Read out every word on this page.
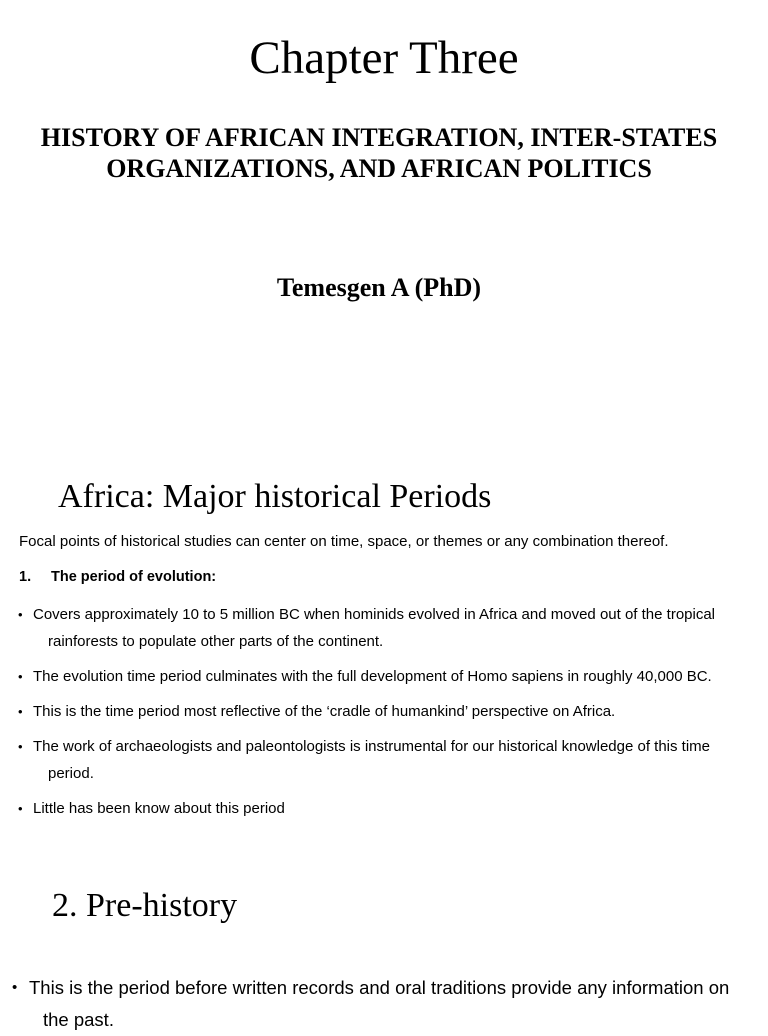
Chapter Three
HISTORY OF AFRICAN INTEGRATION, INTER-STATES ORGANIZATIONS, AND AFRICAN POLITICS
Temesgen A (PhD)
Africa: Major historical Periods
Focal points of historical studies can center on time, space, or themes or any combination thereof.
1. The period of evolution:
• Covers approximately 10 to 5 million BC when hominids evolved in Africa and moved out of the tropical rainforests to populate other parts of the continent.
• The evolution time period culminates with the full development of Homo sapiens in roughly 40,000 BC.
• This is the time period most reflective of the ‘cradle of humankind’ perspective on Africa.
• The work of archaeologists and paleontologists is instrumental for our historical knowledge of this time period.
• Little has been know about this period
2. Pre-history
• This is the period before written records and oral traditions provide any information on the past.
